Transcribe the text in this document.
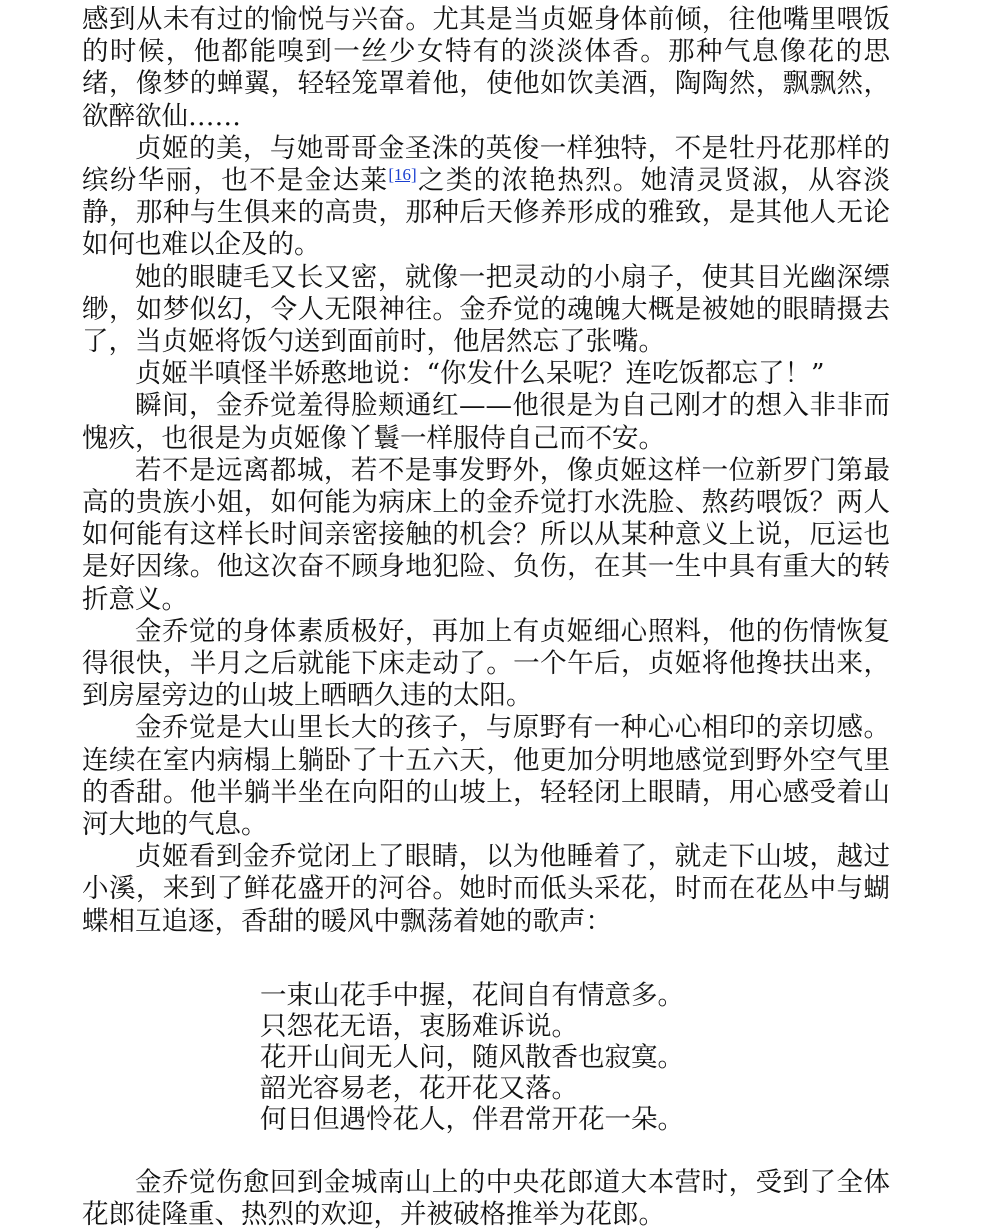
感到从未有过的愉悦与兴奋。尤其是当贞姬身体前倾，往他嘴里喂饭的时候，他都能嗅到一丝少女特有的淡淡体香。那种气息像花的思绪，像梦的蝉翼，轻轻笼罩着他，使他如饮美酒，陶陶然，飘飘然，欲醉欲仙……

贞姬的美，与她哥哥金圣洙的英俊一样独特，不是牡丹花那样的缤纷华丽，也不是金达莱[16]之类的浓艳热烈。她清灵贤淑，从容淡静，那种与生俱来的高贵，那种后天修养形成的雅致，是其他人无论如何也难以企及的。

她的眼睫毛又长又密，就像一把灵动的小扇子，使其目光幽深缥缈，如梦似幻，令人无限神往。金乔觉的魂魄大概是被她的眼睛摄去了，当贞姬将饭勺送到面前时，他居然忘了张嘴。

贞姬半嗔怪半娇憨地说：“你发什么呆呢？连吃饭都忘了！”

瞬间，金乔觉羞得脸颊通红——他很是为自己刚才的想入非非而愧疚，也很是为贞姬像丫鬟一样服侍自己而不安。

若不是远离都城，若不是事发野外，像贞姬这样一位新罗门第最高的贵族小姐，如何能为病床上的金乔觉打水洗脸、熬药喂饭？两人如何能有这样长时间亲密接触的机会？所以从某种意义上说，厄运也是好因缘。他这次奋不顾身地犯险、负伤，在其一生中具有重大的转折意义。

金乔觉的身体素质极好，再加上有贞姬细心照料，他的伤情恢复得很快，半月之后就能下床走动了。一个午后，贞姬将他搀扶出来，到房屋旁边的山坡上晒晒久违的太阳。

金乔觉是大山里长大的孩子，与原野有一种心心相印的亲切感。连续在室内病榻上躺卧了十五六天，他更加分明地感觉到野外空气里的香甜。他半躺半坐在向阳的山坡上，轻轻闭上眼睛，用心感受着山河大地的气息。

贞姬看到金乔觉闭上了眼睛，以为他睡着了，就走下山坡，越过小溪，来到了鲜花盛开的河谷。她时而低头采花，时而在花丛中与蝴蝶相互追逐，香甜的暖风中飘荡着她的歌声：

一束山花手中握，花间自有情意多。
只怨花无语，衷肠难诉说。
花开山间无人问，随风散香也寂寞。
韶光容易老，花开花又落。
何日但遇怜花人，伴君常开花一朵。

金乔觉伤愈回到金城南山上的中央花郎道大本营时，受到了全体花郎徒隆重、热烈的欢迎，并被破格推举为花郎。
